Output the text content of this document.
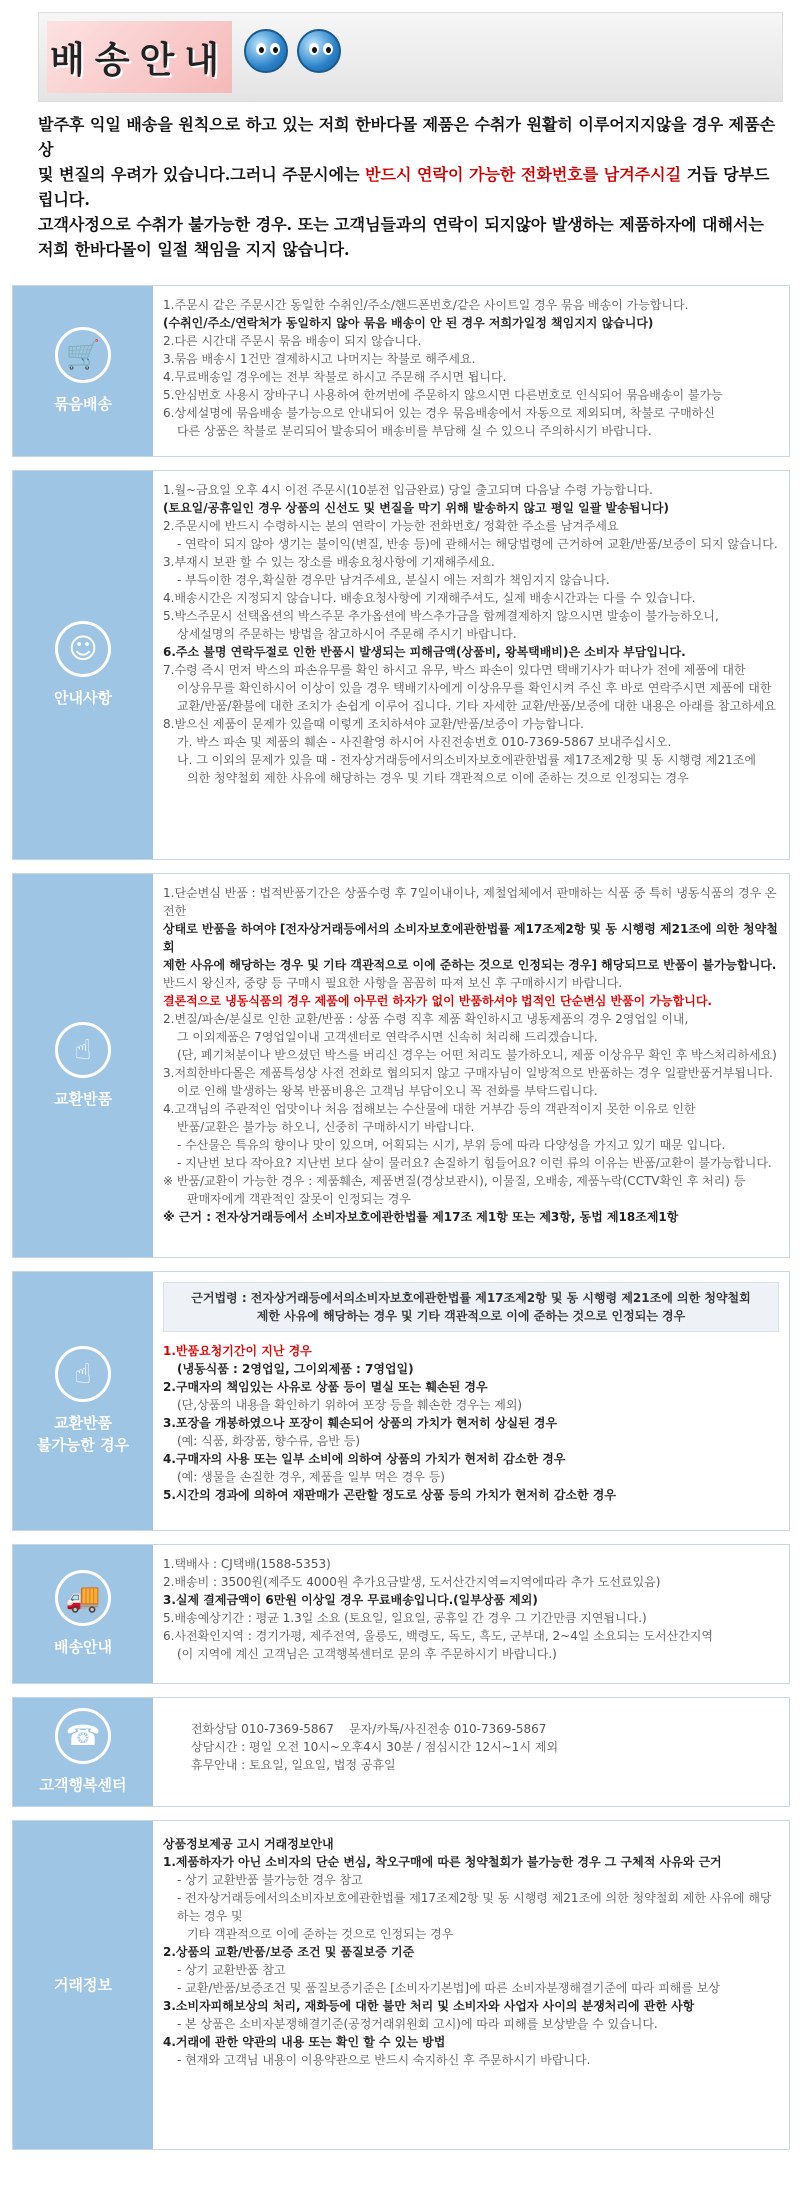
배송안내
발주후 익일 배송을 원칙으로 하고 있는 저희 한바다몰 제품은 수취가 원활히 이루어지지않을 경우 제품손상
및 변질의 우려가 있습니다.그러니 주문시에는 반드시 연락이 가능한 전화번호를 남겨주시길 거듭 당부드립니다.
고객사정으로 수취가 불가능한 경우. 또는 고객님들과의 연락이 되지않아 발생하는 제품하자에 대해서는
저희 한바다몰이 일절 책임을 지지 않습니다.
🛒
묶음배송

1.주문시 같은 주문시간 동일한 수취인/주소/핸드폰번호/같은 사이트일 경우 묶음 배송이 가능합니다.

(수취인/주소/연락처가 동일하지 않아 묶음 배송이 안 된 경우 저희가일정 책임지지 않습니다)

2.다른 시간대 주문시 묶음 배송이 되지 않습니다.

3.묶음 배송시 1건만 결제하시고 나머지는 착불로 해주세요.

4.무료배송일 경우에는 전부 착불로 하시고 주문해 주시면 됩니다.

5.안심번호 사용시 장바구니 사용하여 한꺼번에 주문하지 않으시면 다른번호로 인식되어 묶음배송이 불가능

6.상세설명에 묶음배송 불가능으로 안내되어 있는 경우 묶음배송에서 자동으로 제외되며, 착불로 구매하신

다른 상품은 착불로 분리되어 발송되어 배송비를 부담해 실 수 있으니 주의하시기 바랍니다.

☺
안내사항

1.월~금요일 오후 4시 이전 주문시(10분전 입금완료) 당일 출고되며 다음날 수령 가능합니다.

(토요일/공휴일인 경우 상품의 신선도 및 변질을 막기 위해 발송하지 않고 평일 일괄 발송됩니다)

2.주문시에 반드시 수령하시는 분의 연락이 가능한 전화번호/ 정확한 주소를 남겨주세요

- 연락이 되지 않아 생기는 불이익(변질, 반송 등)에 관해서는 해당법령에 근거하여 교환/반품/보증이 되지 않습니다.

3.부재시 보관 할 수 있는 장소를 배송요청사항에 기재해주세요.

- 부득이한 경우,확실한 경우만 남겨주세요, 분실시 에는 저희가 책임지지 않습니다.

4.배송시간은 지정되지 않습니다. 배송요청사항에 기재해주셔도, 실제 배송시간과는 다를 수 있습니다.

5.박스주문시 선택옵션의 박스주문 추가옵션에 박스추가금을 함께결제하지 않으시면 발송이 불가능하오니,

상세설명의 주문하는 방법을 참고하시어 주문해 주시기 바랍니다.

6.주소 불명 연락두절로 인한 반품시 발생되는 피해금액(상품비, 왕복택배비)은 소비자 부담입니다.

7.수령 즉시 먼저 박스의 파손유무를 확인 하시고 유무, 박스 파손이 있다면 택배기사가 떠나가 전에 제품에 대한

이상유무를 확인하시어 이상이 있을 경우 택배기사에게 이상유무를 확인시켜 주신 후 바로 연락주시면 제품에 대한

교환/반품/환불에 대한 조치가 손쉽게 이루어 집니다. 기타 자세한 교환/반품/보증에 대한 내용은 아래를 참고하세요

8.받으신 제품이 문제가 있을때 이렇게 조치하셔야 교환/반품/보증이 가능합니다.

가. 박스 파손 및 제품의 훼손 - 사진촬영 하시어 사진전송번호 010-7369-5867 보내주십시오.

나. 그 이외의 문제가 있을 때 - 전자상거래등에서의소비자보호에관한법률 제17조제2항 및 동 시행령 제21조에

의한 청약철회 제한 사유에 해당하는 경우 및 기타 객관적으로 이에 준하는 것으로 인정되는 경우

☝
교환반품

1.단순변심 반품 : 법적반품기간은 상품수령 후 7일이내이나, 제철업체에서 판매하는 식품 중 특히 냉동식품의 경우 온전한

상태로 반품을 하여야 [전자상거래등에서의 소비자보호에관한법률 제17조제2항 및 동 시행령 제21조에 의한 청약철회

제한 사유에 해당하는 경우 및 기타 객관적으로 이에 준하는 것으로 인정되는 경우] 해당되므로 반품이 불가능합니다.

반드시 왕신자, 중량 등 구매시 필요한 사항을 꼼꼼히 따져 보신 후 구매하시기 바랍니다.

결론적으로 냉동식품의 경우 제품에 아무런 하자가 없이 반품하셔야 법적인 단순변심 반품이 가능합니다.

2.변질/파손/분실로 인한 교환/반품 : 상품 수령 직후 제품 확인하시고 냉동제품의 경우 2영업일 이내,

그 이외제품은 7영업일이내 고객센터로 연락주시면 신속히 처리해 드리겠습니다.

(단, 폐기처분이나 받으셨던 박스를 버리신 경우는 어떤 처리도 불가하오니, 제품 이상유무 확인 후 박스처리하세요)

3.저희한바다몰은 제품특성상 사전 전화로 협의되지 않고 구매자님이 일방적으로 반품하는 경우 일괄반품거부됩니다.

이로 인해 발생하는 왕복 반품비용은 고객님 부담이오니 꼭 전화를 부탁드립니다.

4.고객님의 주관적인 업맛이나 처음 접해보는 수산물에 대한 거부감 등의 객관적이지 못한 이유로 인한

반품/교환은 불가능 하오니, 신중히 구매하시기 바랍니다.

- 수산물은 특유의 향이나 맛이 있으며, 어획되는 시기, 부위 등에 따라 다양성을 가지고 있기 때문 입니다.

- 지난번 보다 작아요? 지난번 보다 살이 물러요? 손질하기 힘들어요? 이런 류의 이유는 반품/교환이 불가능합니다.

※ 반품/교환이 가능한 경우 : 제품훼손, 제품변질(경상보관시), 이물질, 오배송, 제품누락(CCTV확인 후 처리) 등

판매자에게 객관적인 잘못이 인정되는 경우

※ 근거 : 전자상거래등에서 소비자보호에관한법률 제17조 제1항 또는 제3항, 동법 제18조제1항

☝
교환반품
불가능한 경우

근거법령 : 전자상거래등에서의소비자보호에관한법률 제17조제2항 및 동 시행령 제21조에 의한 청약철회

제한 사유에 해당하는 경우 및 기타 객관적으로 이에 준하는 것으로 인정되는 경우

1.반품요청기간이 지난 경우

(냉동식품 : 2영업일, 그이외제품 : 7영업일)

2.구매자의 책임있는 사유로 상품 등이 멸실 또는 훼손된 경우

(단,상품의 내용을 확인하기 위하여 포장 등을 훼손한 경우는 제외)

3.포장을 개봉하였으나 포장이 훼손되어 상품의 가치가 현저히 상실된 경우

(예: 식품, 화장품, 향수류, 음반 등)

4.구매자의 사용 또는 일부 소비에 의하여 상품의 가치가 현저히 감소한 경우

(예: 생물을 손질한 경우, 제품을 일부 먹은 경우 등)

5.시간의 경과에 의하여 재판매가 곤란할 정도로 상품 등의 가치가 현저히 감소한 경우

🚚
배송안내

1.택배사 : CJ택배(1588-5353)

2.배송비 : 3500원(제주도 4000원 추가요금발생, 도서산간지역=지역에따라 추가 도선료있음)

3.실제 결제금액이 6만원 이상일 경우 무료배송입니다.(일부상품 제외)

5.배송예상기간 : 평균 1.3일 소요 (토요일, 일요일, 공휴일 간 경우 그 기간만큼 지연됩니다.)

6.사전확인지역 : 경기가평, 제주전역, 울릉도, 백령도, 독도, 흑도, 군부대, 2~4일 소요되는 도서산간지역

(이 지역에 계신 고객님은 고객행복센터로 문의 후 주문하시기 바랍니다.)

☎
고객행복센터

전화상담 010-7369-5867 문자/카톡/사진전송 010-7369-5867

상담시간 : 평일 오전 10시~오후4시 30분 / 점심시간 12시~1시 제외

휴무안내 : 토요일, 일요일, 법정 공휴일

거래정보

상품정보제공 고시 거래정보안내

1.제품하자가 아닌 소비자의 단순 변심, 착오구매에 따른 청약철회가 불가능한 경우 그 구체적 사유와 근거

- 상기 교환반품 불가능한 경우 참고

- 전자상거래등에서의소비자보호에관한법률 제17조제2항 및 동 시행령 제21조에 의한 청약철회 제한 사유에 해당하는 경우 및

기타 객관적으로 이에 준하는 것으로 인정되는 경우

2.상품의 교환/반품/보증 조건 및 품질보증 기준

- 상기 교환반품 참고

- 교환/반품/보증조건 및 품질보증기준은 [소비자기본법]에 따른 소비자분쟁해결기준에 따라 피해를 보상

3.소비자피해보상의 처리, 재화등에 대한 불만 처리 및 소비자와 사업자 사이의 분쟁처리에 관한 사항

- 본 상품은 소비자분쟁해결기준(공정거래위원회 고시)에 따라 피해를 보상받을 수 있습니다.

4.거래에 관한 약관의 내용 또는 확인 할 수 있는 방법

- 현재와 고객님 내용이 이용약관으로 반드시 숙지하신 후 주문하시기 바랍니다.
